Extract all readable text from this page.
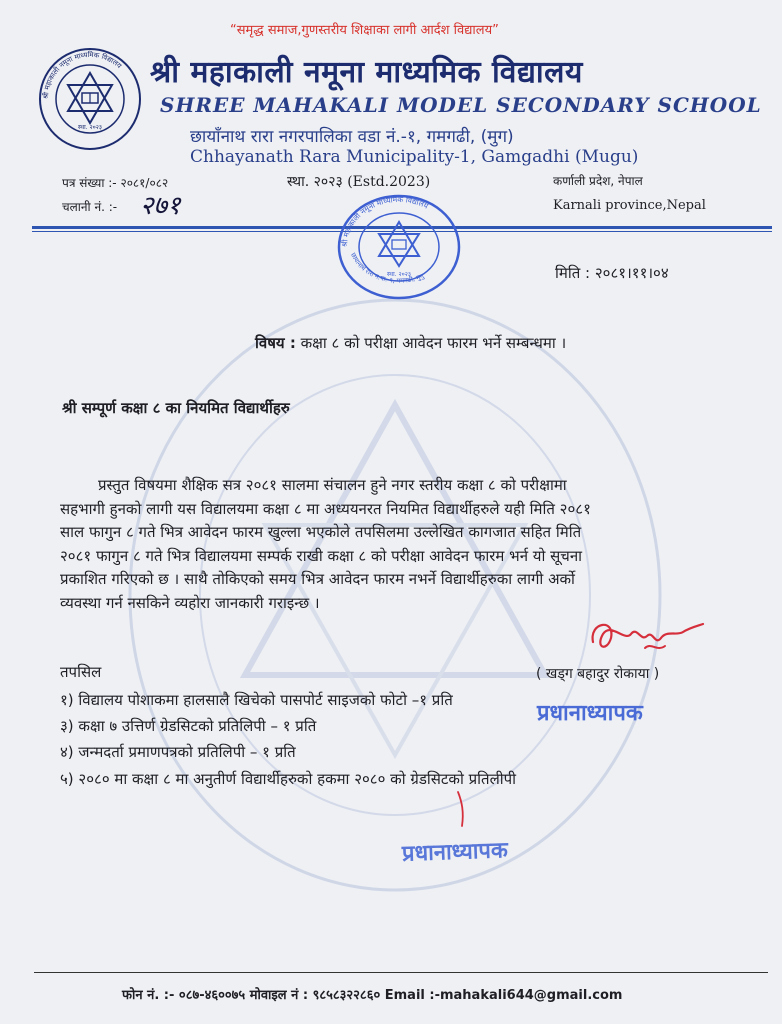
स्था. २०२३
श्री महाकाली नमूना माध्यमिक विद्यालय
“समृद्ध समाज,गुणस्तरीय शिक्षाका लागी आर्दश विद्यालय”
श्री महाकाली नमूना माध्यमिक विद्यालय
SHREE MAHAKALI MODEL SECONDARY SCHOOL
छायाँनाथ रारा नगरपालिका वडा नं.-१, गमगढी, (मुग)
Chhayanath Rara Municipality-1, Gamgadhi (Mugu)
पत्र संख्या :- २०८१/०८२
चलानी नं. :- २७१
स्था. २०२३ (Estd.2023)	कर्णाली प्रदेश, नेपाल
Karnali province,Nepal
श्री महाकाली नमूना माध्यमिक विद्यालय
छायानाथ रारा न.पा.-१, गमगढी, मुगु
स्था. २०२३	मिति : २०८१।११।०४
विषय : कक्षा ८ को परीक्षा आवेदन फारम भर्ने सम्बन्धमा ।
श्री सम्पूर्ण कक्षा ८ का नियमित विद्यार्थीहरु
प्रस्तुत विषयमा शैक्षिक सत्र २०८१ सालमा संचालन हुने नगर स्तरीय कक्षा ८ को परीक्षामा
सहभागी हुनको लागी यस विद्यालयमा कक्षा ८ मा अध्ययनरत नियमित विद्यार्थीहरुले यही मिति २०८१
साल फागुन ८ गते भित्र आवेदन फारम खुल्ला भएकोले तपसिलमा उल्लेखित कागजात सहित मिति
२०८१ फागुन ८ गते भित्र विद्यालयमा सम्पर्क राखी कक्षा ८ को परीक्षा आवेदन फारम भर्न यो सूचना
प्रकाशित गरिएको छ । साथै तोकिएको समय भित्र आवेदन फारम नभर्ने विद्यार्थीहरुका लागी अर्को
व्यवस्था गर्न नसकिने व्यहोरा जानकारी गराइन्छ ।
तपसिल	( खड्ग बहादुर रोकाया )
प्रधानाध्यापक
१) विद्यालय पोशाकमा हालसालै खिचेको पासपोर्ट साइजको फोटो –१ प्रति
३) कक्षा ७ उत्तिर्ण ग्रेडसिटको प्रतिलिपी – १ प्रति
४) जन्मदर्ता प्रमाणपत्रको प्रतिलिपी – १ प्रति
५) २०८० मा कक्षा ८ मा अनुतीर्ण विद्यार्थीहरुको हकमा २०८० को ग्रेडसिटको प्रतिलीपी
प्रधानाध्यापक
फोन नं. :- ०८७-४६००७५ मोवाइल नं : ९८५८३२२८६० Email :-mahakali644@gmail.com
